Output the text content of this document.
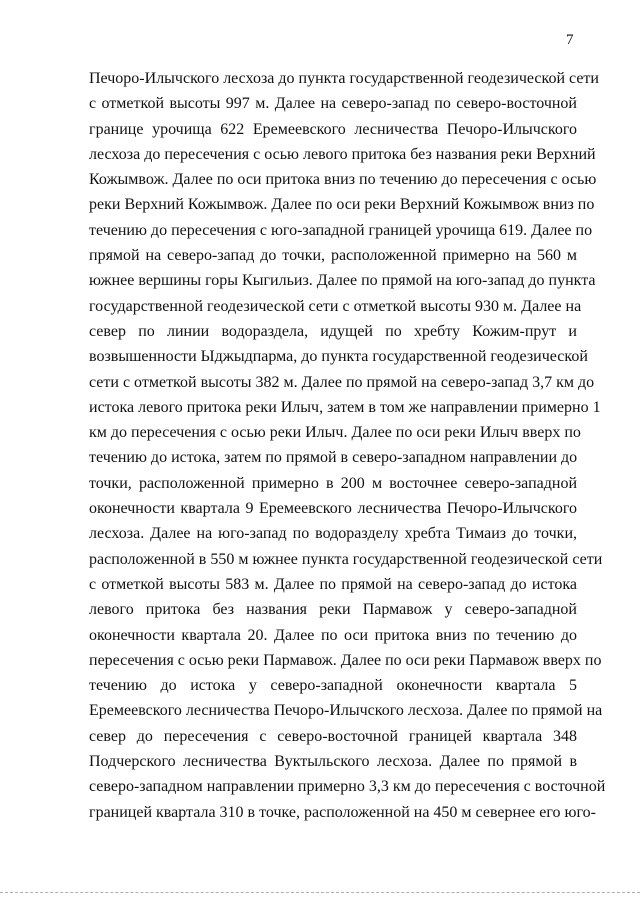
7
Печоро-Илычского лесхоза до пункта государственной геодезической сети
с отметкой высоты 997 м. Далее на северо-запад по северо-восточной
границе урочища 622 Еремеевского лесничества Печоро-Илычского
лесхоза до пересечения с осью левого притока без названия реки Верхний
Кожымвож. Далее по оси притока вниз по течению до пересечения с осью
реки Верхний Кожымвож. Далее по оси реки Верхний Кожымвож вниз по
течению до пересечения с юго-западной границей урочища 619. Далее по
прямой на северо-запад до точки, расположенной примерно на 560 м
южнее вершины горы Кыгильиз. Далее по прямой на юго-запад до пункта
государственной геодезической сети с отметкой высоты 930 м. Далее на
север по линии водораздела, идущей по хребту Кожим-прут и
возвышенности Ыджыдпарма, до пункта государственной геодезической
сети с отметкой высоты 382 м. Далее по прямой на северо-запад 3,7 км до
истока левого притока реки Илыч, затем в том же направлении примерно 1
км до пересечения с осью реки Илыч. Далее по оси реки Илыч вверх по
течению до истока, затем по прямой в северо-западном направлении до
точки, расположенной примерно в 200 м восточнее северо-западной
оконечности квартала 9 Еремеевского лесничества Печоро-Илычского
лесхоза. Далее на юго-запад по водоразделу хребта Тимаиз до точки,
расположенной в 550 м южнее пункта государственной геодезической сети
с отметкой высоты 583 м. Далее по прямой на северо-запад до истока
левого притока без названия реки Пармавож у северо-западной
оконечности квартала 20. Далее по оси притока вниз по течению до
пересечения с осью реки Пармавож. Далее по оси реки Пармавож вверх по
течению до истока у северо-западной оконечности квартала 5
Еремеевского лесничества Печоро-Илычского лесхоза. Далее по прямой на
север до пересечения с северо-восточной границей квартала 348
Подчерского лесничества Вуктыльского лесхоза. Далее по прямой в
северо-западном направлении примерно 3,3 км до пересечения с восточной
границей квартала 310 в точке, расположенной на 450 м севернее его юго-
